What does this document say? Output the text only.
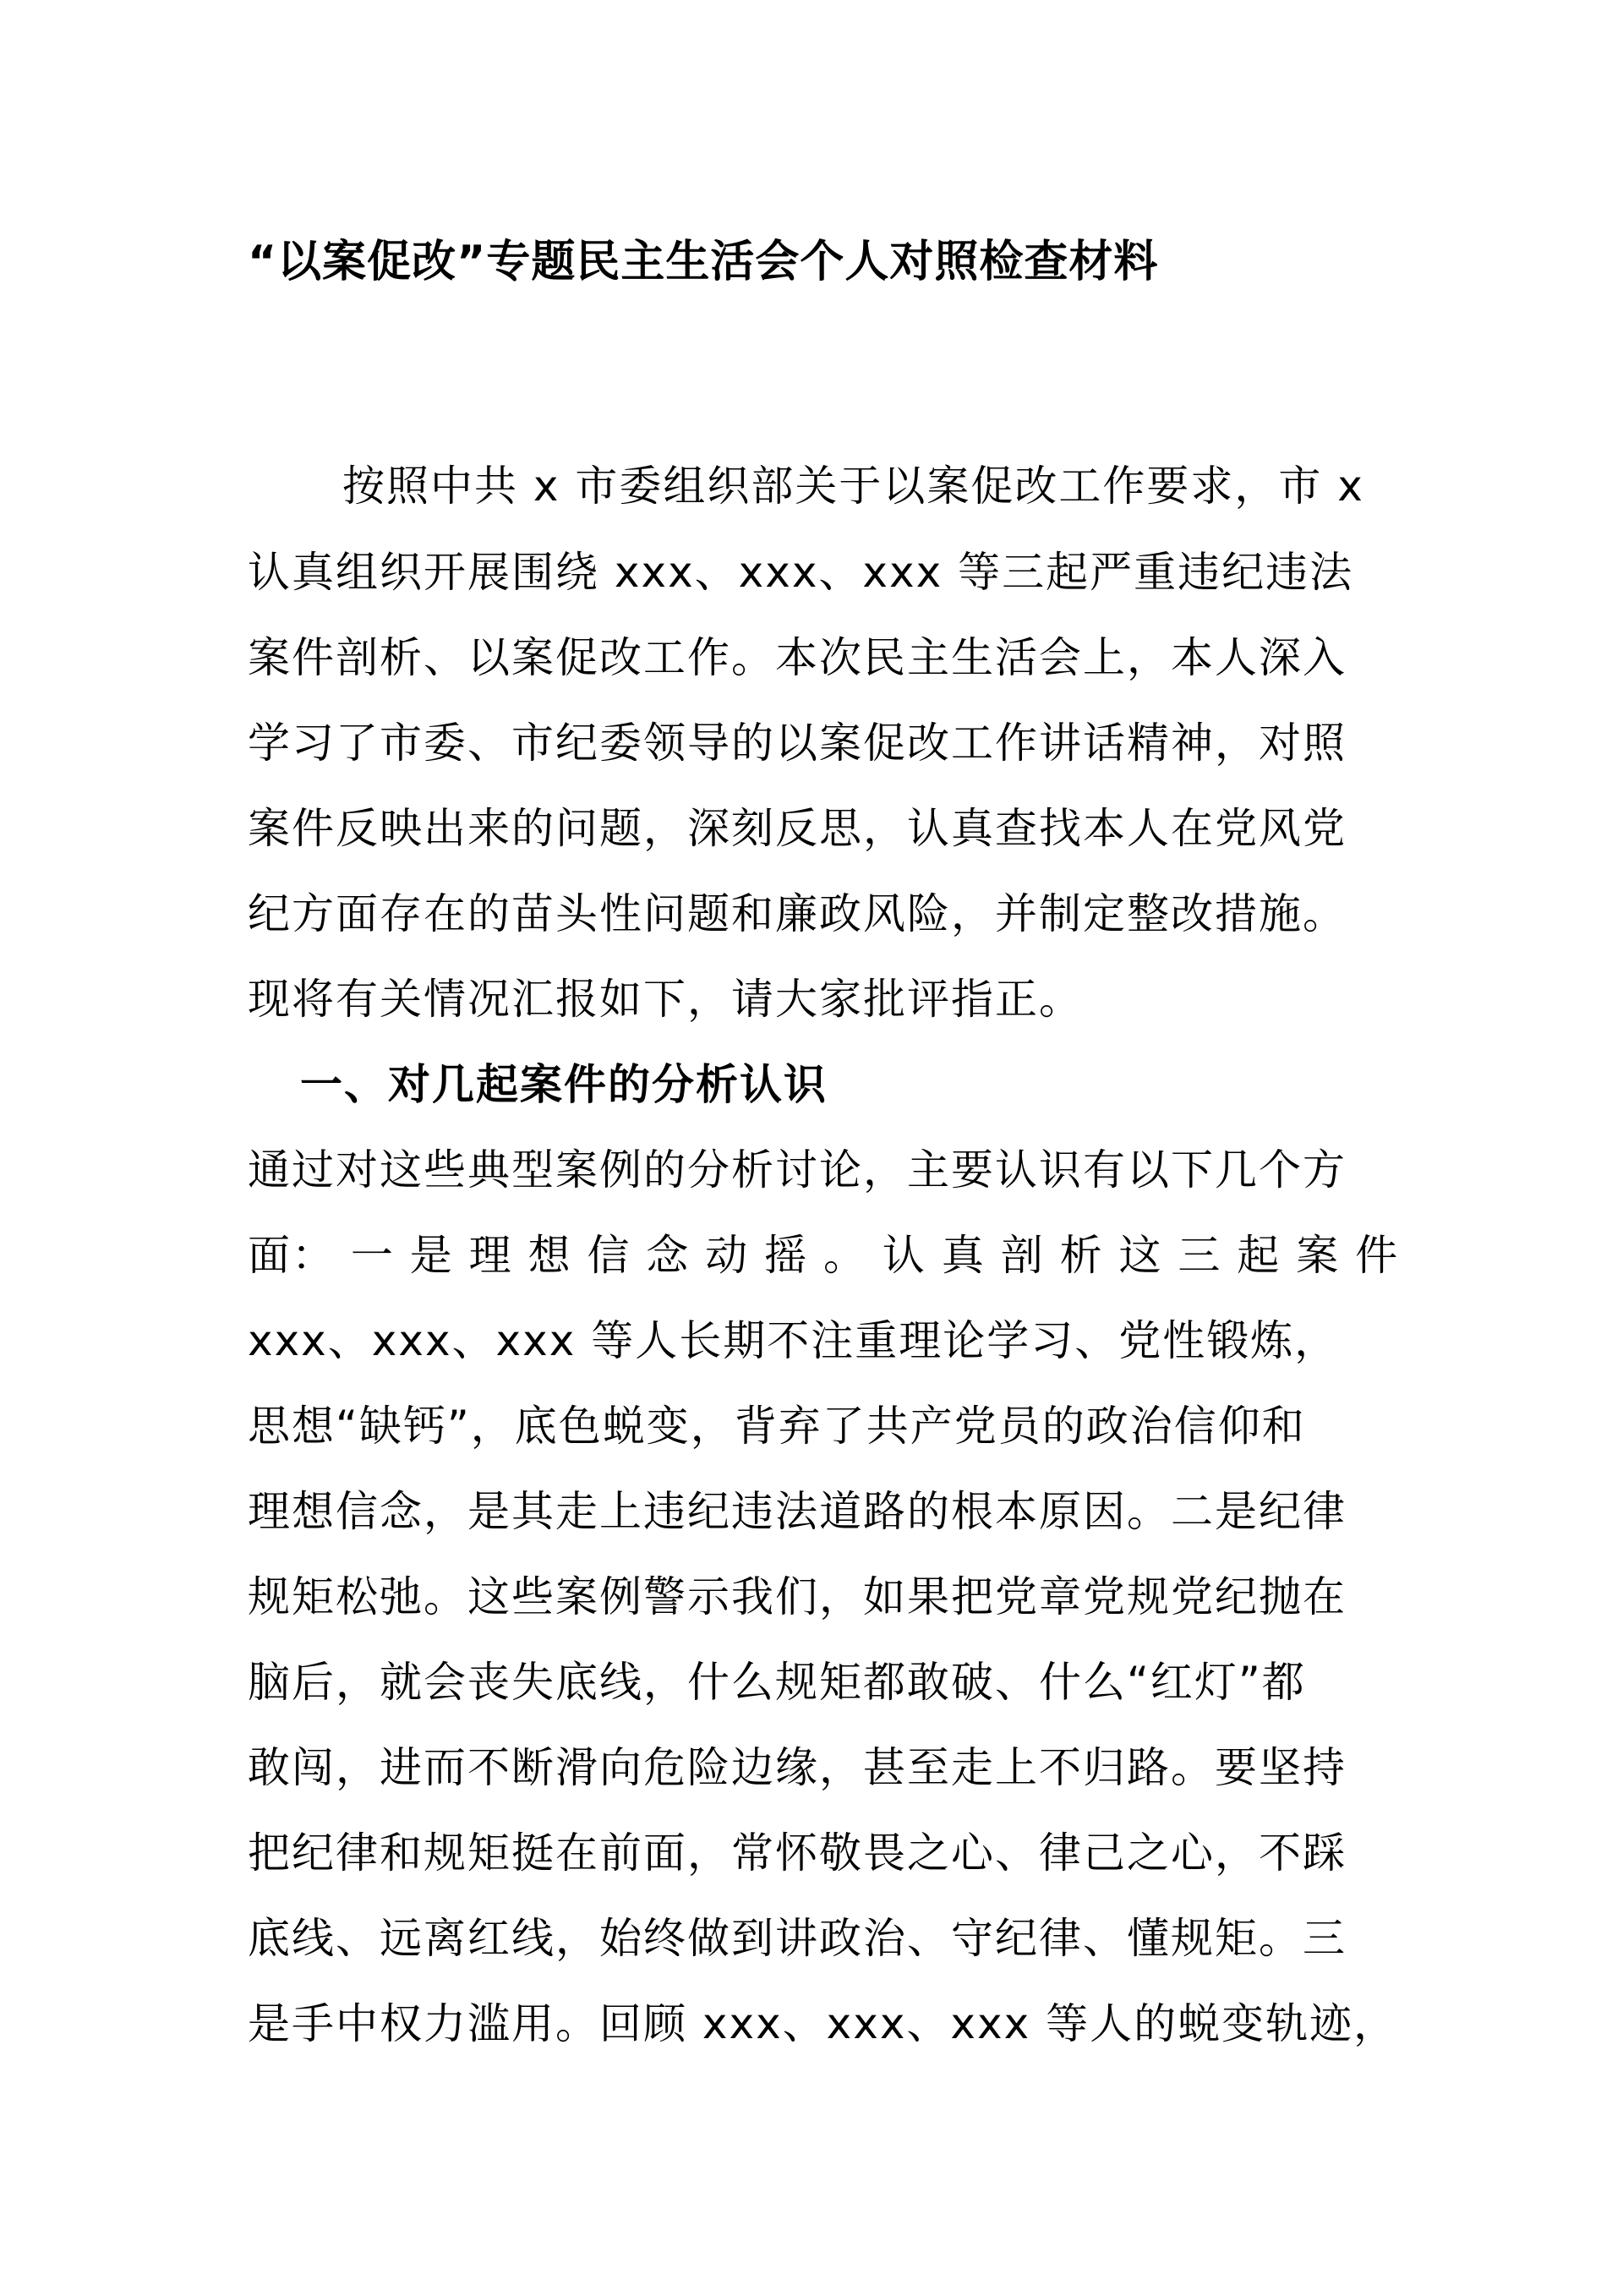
“以案促改”专题民主生活会个人对照检查材料
按照中共 x 市委组织部关于以案促改工作要求，市 x
认真组织开展围绕 xxx、xxx、xxx 等三起严重违纪违法
案件剖析、以案促改工作。本次民主生活会上，本人深入
学习了市委、市纪委领导的以案促改工作讲话精神，对照
案件反映出来的问题，深刻反思，认真查找本人在党风党
纪方面存在的苗头性问题和廉政风险，并制定整改措施。
现将有关情况汇报如下，请大家批评指正。
一、对几起案件的分析认识
通过对这些典型案例的分析讨论，主要认识有以下几个方
面： 一 是 理 想 信 念 动 摇 。 认 真 剖 析 这 三 起 案 件
xxx、xxx、xxx 等人长期不注重理论学习、党性锻炼，
思想“缺钙”，底色蜕变，背弃了共产党员的政治信仰和
理想信念，是其走上违纪违法道路的根本原因。二是纪律
规矩松弛。这些案例警示我们，如果把党章党规党纪抛在
脑后，就会丧失底线，什么规矩都敢破、什么“红灯”都
敢闯，进而不断滑向危险边缘，甚至走上不归路。要坚持
把纪律和规矩挺在前面，常怀敬畏之心、律己之心，不踩
底线、远离红线，始终做到讲政治、守纪律、懂规矩。三
是手中权力滥用。回顾 xxx、xxx、xxx 等人的蜕变轨迹，
